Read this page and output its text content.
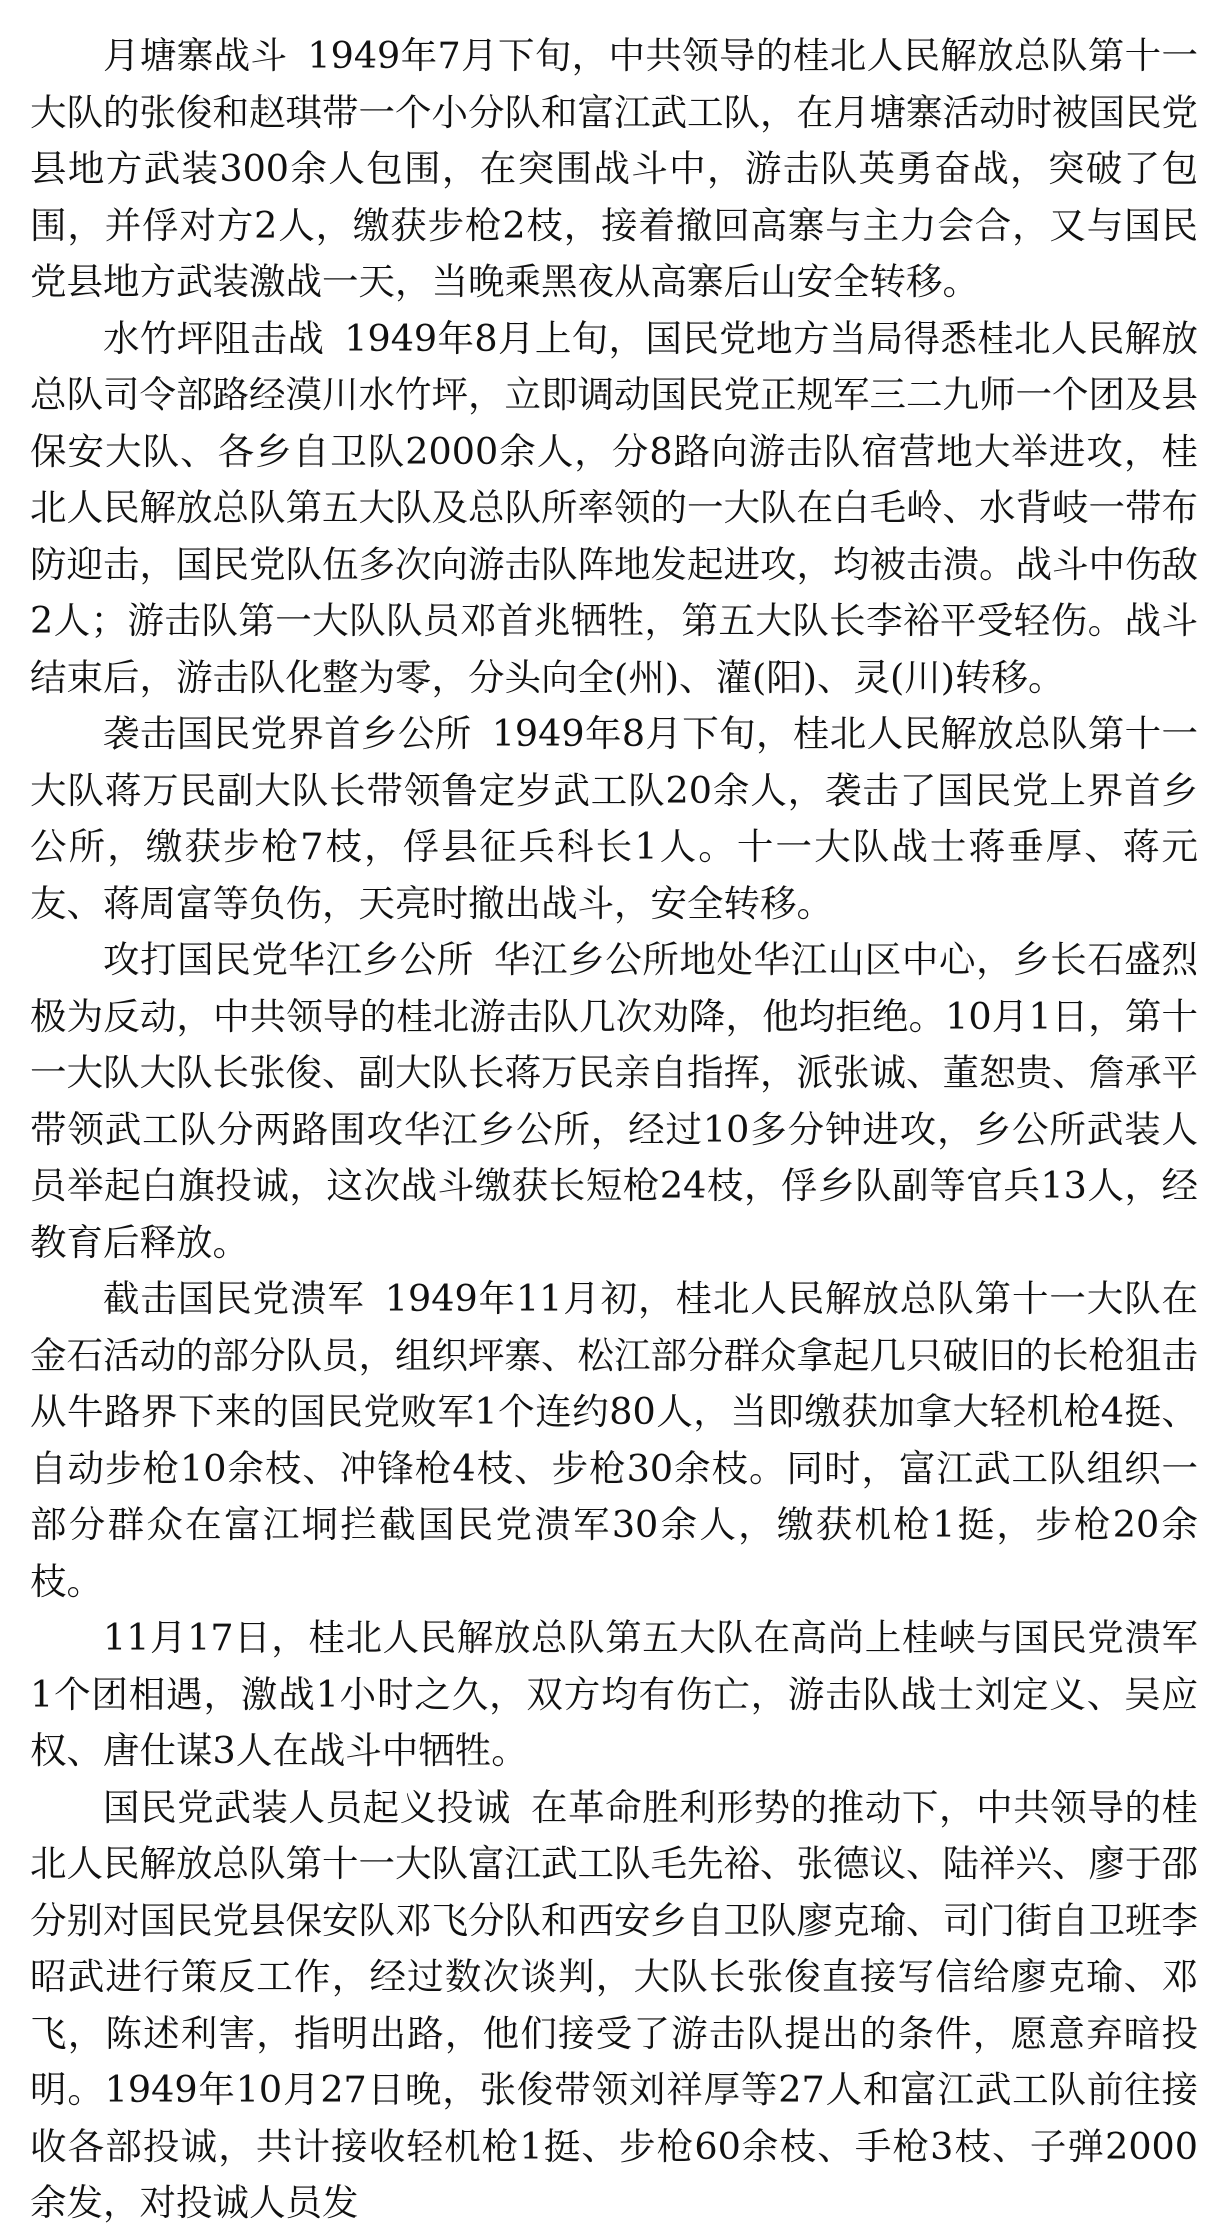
月塘寨战斗 1949年7月下旬，中共领导的桂北人民解放总队第十一大队的张俊和赵琪带一个小分队和富江武工队，在月塘寨活动时被国民党县地方武装300余人包围，在突围战斗中，游击队英勇奋战，突破了包围，并俘对方2人，缴获步枪2枝，接着撤回高寨与主力会合，又与国民党县地方武装激战一天，当晚乘黑夜从高寨后山安全转移。

水竹坪阻击战 1949年8月上旬，国民党地方当局得悉桂北人民解放总队司令部路经漠川水竹坪，立即调动国民党正规军三二九师一个团及县保安大队、各乡自卫队2000余人，分8路向游击队宿营地大举进攻，桂北人民解放总队第五大队及总队所率领的一大队在白毛岭、水背岐一带布防迎击，国民党队伍多次向游击队阵地发起进攻，均被击溃。战斗中伤敌2人；游击队第一大队队员邓首兆牺牲，第五大队长李裕平受轻伤。战斗结束后，游击队化整为零，分头向全(州)、灌(阳)、灵(川)转移。

袭击国民党界首乡公所 1949年8月下旬，桂北人民解放总队第十一大队蒋万民副大队长带领鲁定岁武工队20余人，袭击了国民党上界首乡公所，缴获步枪7枝，俘县征兵科长1人。十一大队战士蒋垂厚、蒋元友、蒋周富等负伤，天亮时撤出战斗，安全转移。

攻打国民党华江乡公所 华江乡公所地处华江山区中心，乡长石盛烈极为反动，中共领导的桂北游击队几次劝降，他均拒绝。10月1日，第十一大队大队长张俊、副大队长蒋万民亲自指挥，派张诚、董恕贵、詹承平带领武工队分两路围攻华江乡公所，经过10多分钟进攻，乡公所武装人员举起白旗投诚，这次战斗缴获长短枪24枝，俘乡队副等官兵13人，经教育后释放。

截击国民党溃军 1949年11月初，桂北人民解放总队第十一大队在金石活动的部分队员，组织坪寨、松江部分群众拿起几只破旧的长枪狙击从牛路界下来的国民党败军1个连约80人，当即缴获加拿大轻机枪4挺、自动步枪10余枝、冲锋枪4枝、步枪30余枝。同时，富江武工队组织一部分群众在富江垌拦截国民党溃军30余人，缴获机枪1挺，步枪20余枝。

11月17日，桂北人民解放总队第五大队在高尚上桂峡与国民党溃军1个团相遇，激战1小时之久，双方均有伤亡，游击队战士刘定义、吴应权、唐仕谋3人在战斗中牺牲。

国民党武装人员起义投诚 在革命胜利形势的推动下，中共领导的桂北人民解放总队第十一大队富江武工队毛先裕、张德议、陆祥兴、廖于邵分别对国民党县保安队邓飞分队和西安乡自卫队廖克瑜、司门街自卫班李昭武进行策反工作，经过数次谈判，大队长张俊直接写信给廖克瑜、邓飞，陈述利害，指明出路，他们接受了游击队提出的条件，愿意弃暗投明。1949年10月27日晚，张俊带领刘祥厚等27人和富江武工队前往接收各部投诚，共计接收轻机枪1挺、步枪60余枝、手枪3枝、子弹2000余发，对投诚人员发
